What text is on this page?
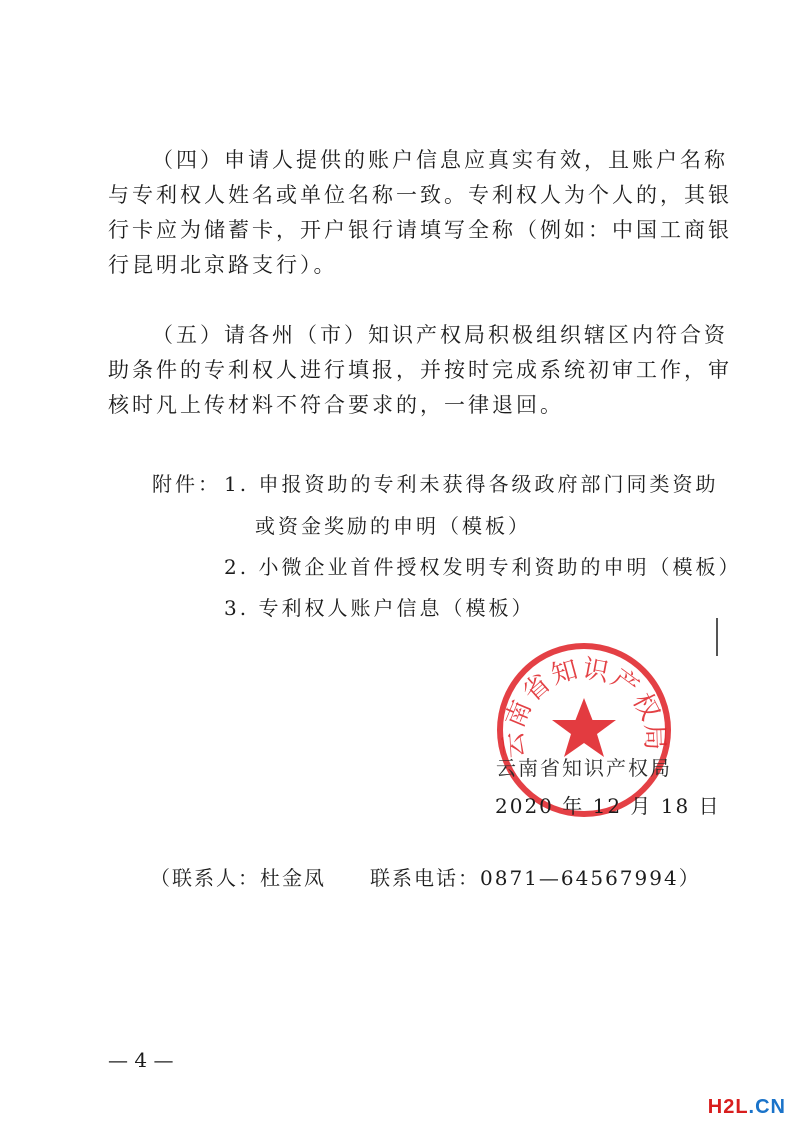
（四）申请人提供的账户信息应真实有效，且账户名称
与专利权人姓名或单位名称一致。专利权人为个人的，其银
行卡应为储蓄卡，开户银行请填写全称（例如：中国工商银
行昆明北京路支行）。
（五）请各州（市）知识产权局积极组织辖区内符合资
助条件的专利权人进行填报，并按时完成系统初审工作，审
核时凡上传材料不符合要求的，一律退回。
附件： 1. 申报资助的专利未获得各级政府部门同类资助
或资金奖励的申明（模板）
2. 小微企业首件授权发明专利资助的申明（模板）
3. 专利权人账户信息（模板）
云南省知识产权局
云南省知识产权局
2020 年 12 月 18 日
（联系人：杜金凤　　联系电话：0871—64567994）
— 4 —
H2L.CN
